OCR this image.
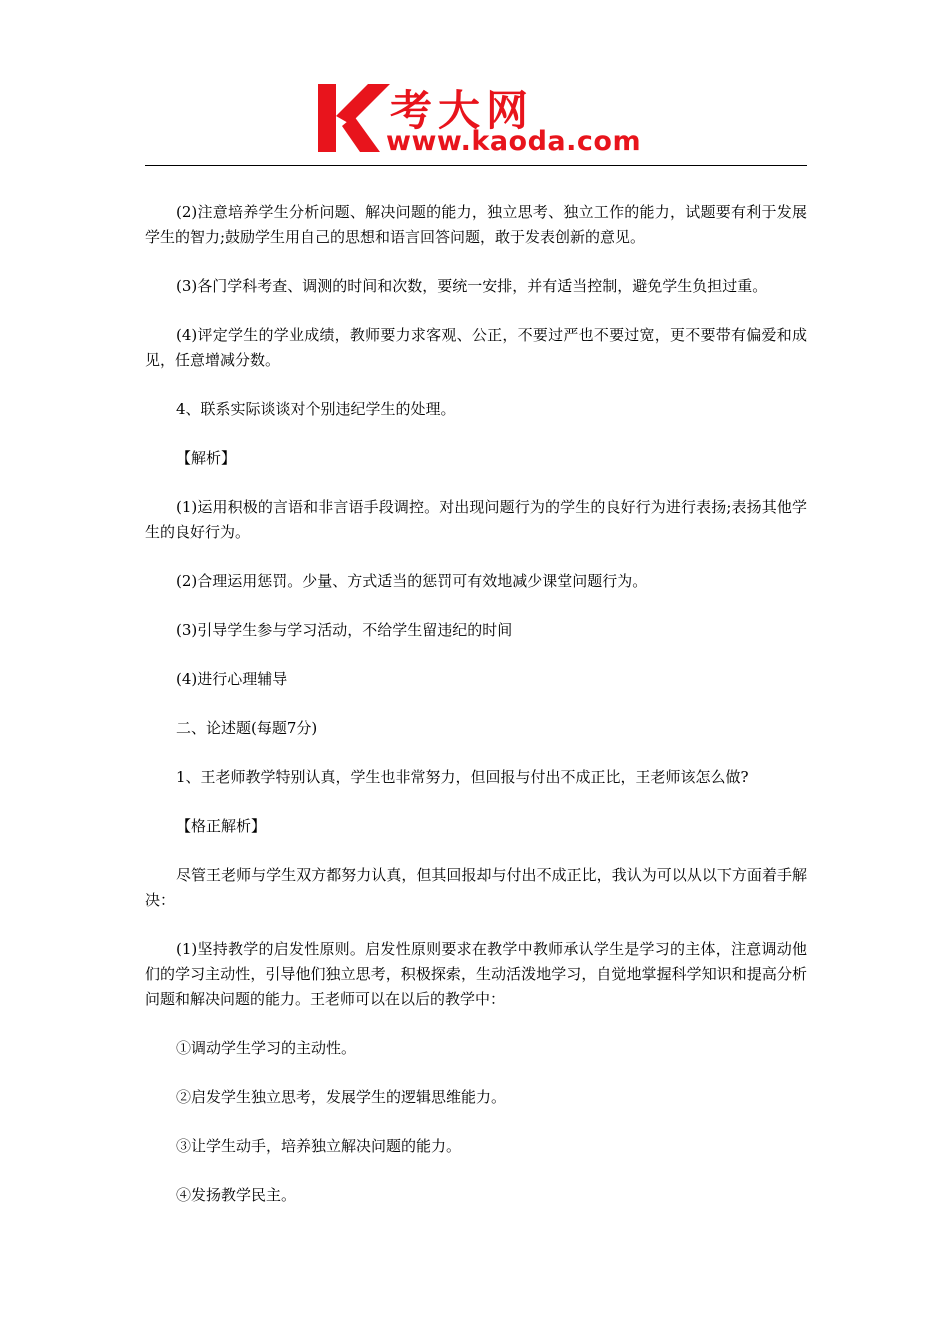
考大网
www.kaoda.com

(2)注意培养学生分析问题、解决问题的能力，独立思考、独立工作的能力，试题要有利于发展学生的智力;鼓励学生用自己的思想和语言回答问题，敢于发表创新的意见。

(3)各门学科考查、调测的时间和次数，要统一安排，并有适当控制，避免学生负担过重。

(4)评定学生的学业成绩，教师要力求客观、公正，不要过严也不要过宽，更不要带有偏爱和成见，任意增减分数。

4、联系实际谈谈对个别违纪学生的处理。

【解析】

(1)运用积极的言语和非言语手段调控。对出现问题行为的学生的良好行为进行表扬;表扬其他学生的良好行为。

(2)合理运用惩罚。少量、方式适当的惩罚可有效地减少课堂问题行为。

(3)引导学生参与学习活动，不给学生留违纪的时间

(4)进行心理辅导

二、论述题(每题7分)

1、王老师教学特别认真，学生也非常努力，但回报与付出不成正比，王老师该怎么做?

【格正解析】

尽管王老师与学生双方都努力认真，但其回报却与付出不成正比，我认为可以从以下方面着手解决：

(1)坚持教学的启发性原则。启发性原则要求在教学中教师承认学生是学习的主体，注意调动他们的学习主动性，引导他们独立思考，积极探索，生动活泼地学习，自觉地掌握科学知识和提高分析问题和解决问题的能力。王老师可以在以后的教学中：

①调动学生学习的主动性。

②启发学生独立思考，发展学生的逻辑思维能力。

③让学生动手，培养独立解决问题的能力。

④发扬教学民主。
